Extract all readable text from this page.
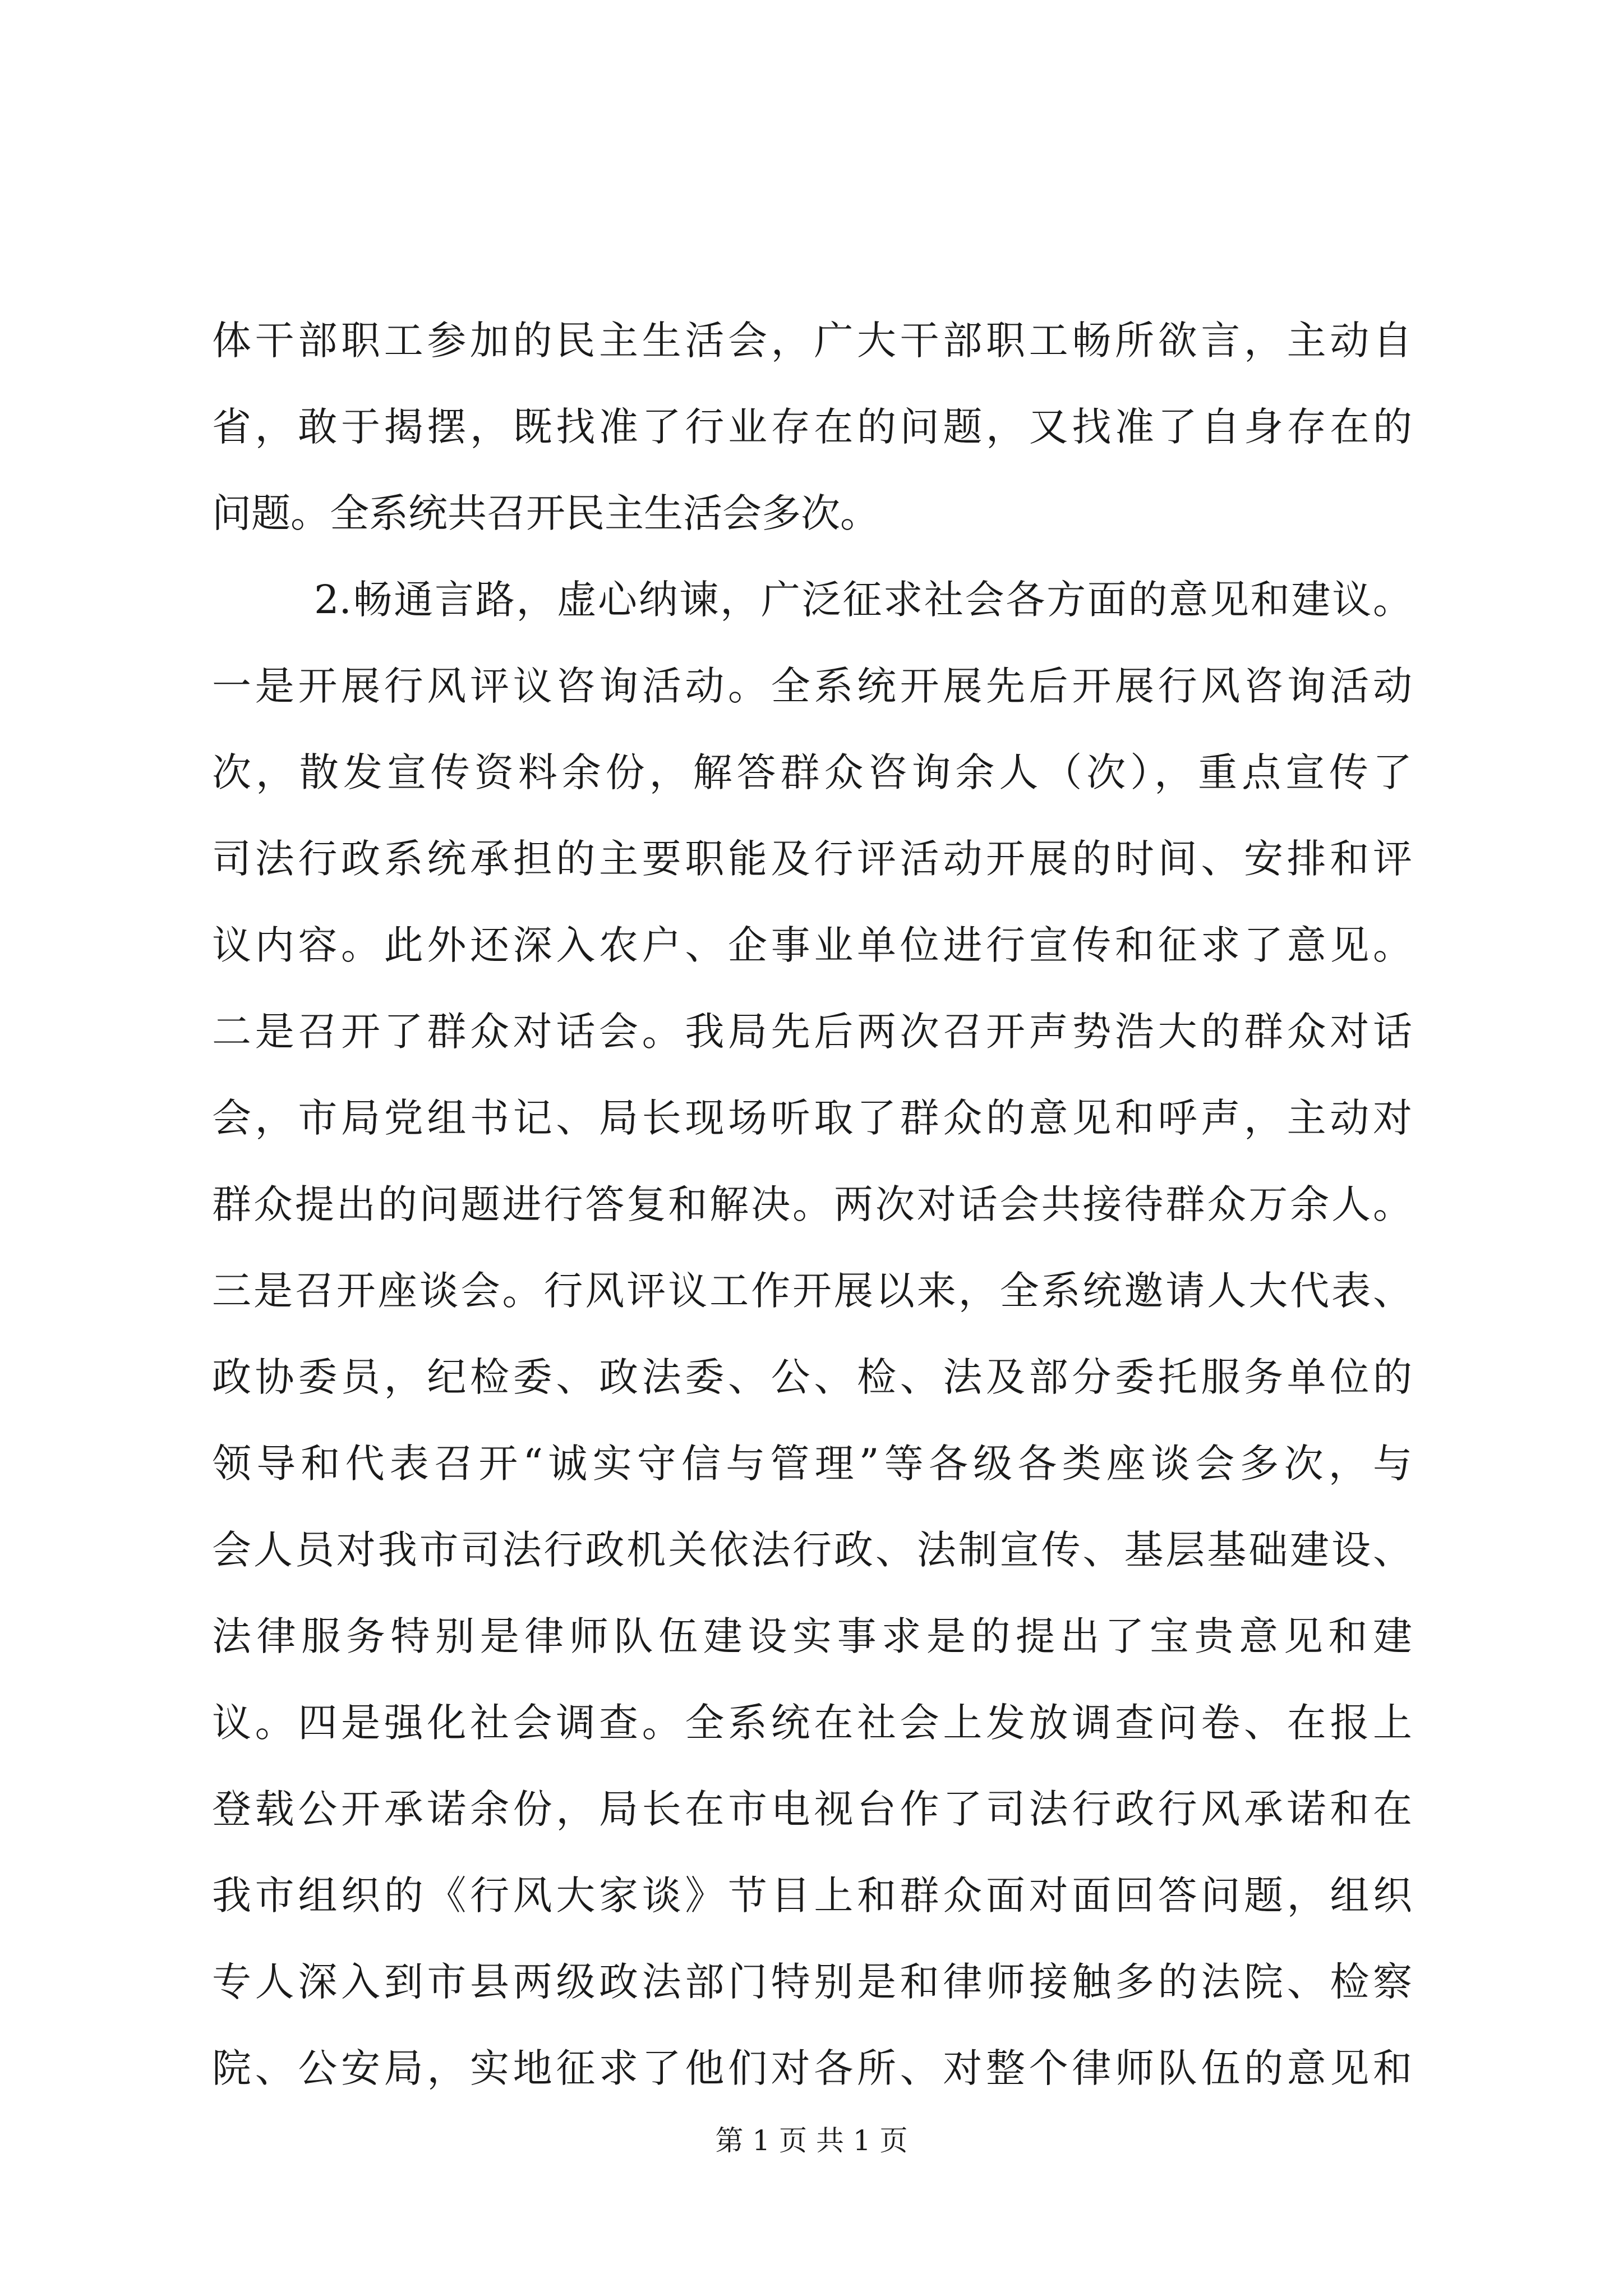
体干部职工参加的民主生活会，广大干部职工畅所欲言，主动自
省，敢于揭摆，既找准了行业存在的问题，又找准了自身存在的
问题。全系统共召开民主生活会多次。
2.畅通言路，虚心纳谏，广泛征求社会各方面的意见和建议。
一是开展行风评议咨询活动。全系统开展先后开展行风咨询活动
次，散发宣传资料余份，解答群众咨询余人（次），重点宣传了
司法行政系统承担的主要职能及行评活动开展的时间、安排和评
议内容。此外还深入农户、企事业单位进行宣传和征求了意见。
二是召开了群众对话会。我局先后两次召开声势浩大的群众对话
会，市局党组书记、局长现场听取了群众的意见和呼声，主动对
群众提出的问题进行答复和解决。两次对话会共接待群众万余人。
三是召开座谈会。行风评议工作开展以来，全系统邀请人大代表、
政协委员，纪检委、政法委、公、检、法及部分委托服务单位的
领导和代表召开“诚实守信与管理”等各级各类座谈会多次，与
会人员对我市司法行政机关依法行政、法制宣传、基层基础建设、
法律服务特别是律师队伍建设实事求是的提出了宝贵意见和建
议。四是强化社会调查。全系统在社会上发放调查问卷、在报上
登载公开承诺余份，局长在市电视台作了司法行政行风承诺和在
我市组织的《行风大家谈》节目上和群众面对面回答问题，组织
专人深入到市县两级政法部门特别是和律师接触多的法院、检察
院、公安局，实地征求了他们对各所、对整个律师队伍的意见和
第 1 页 共 1 页
